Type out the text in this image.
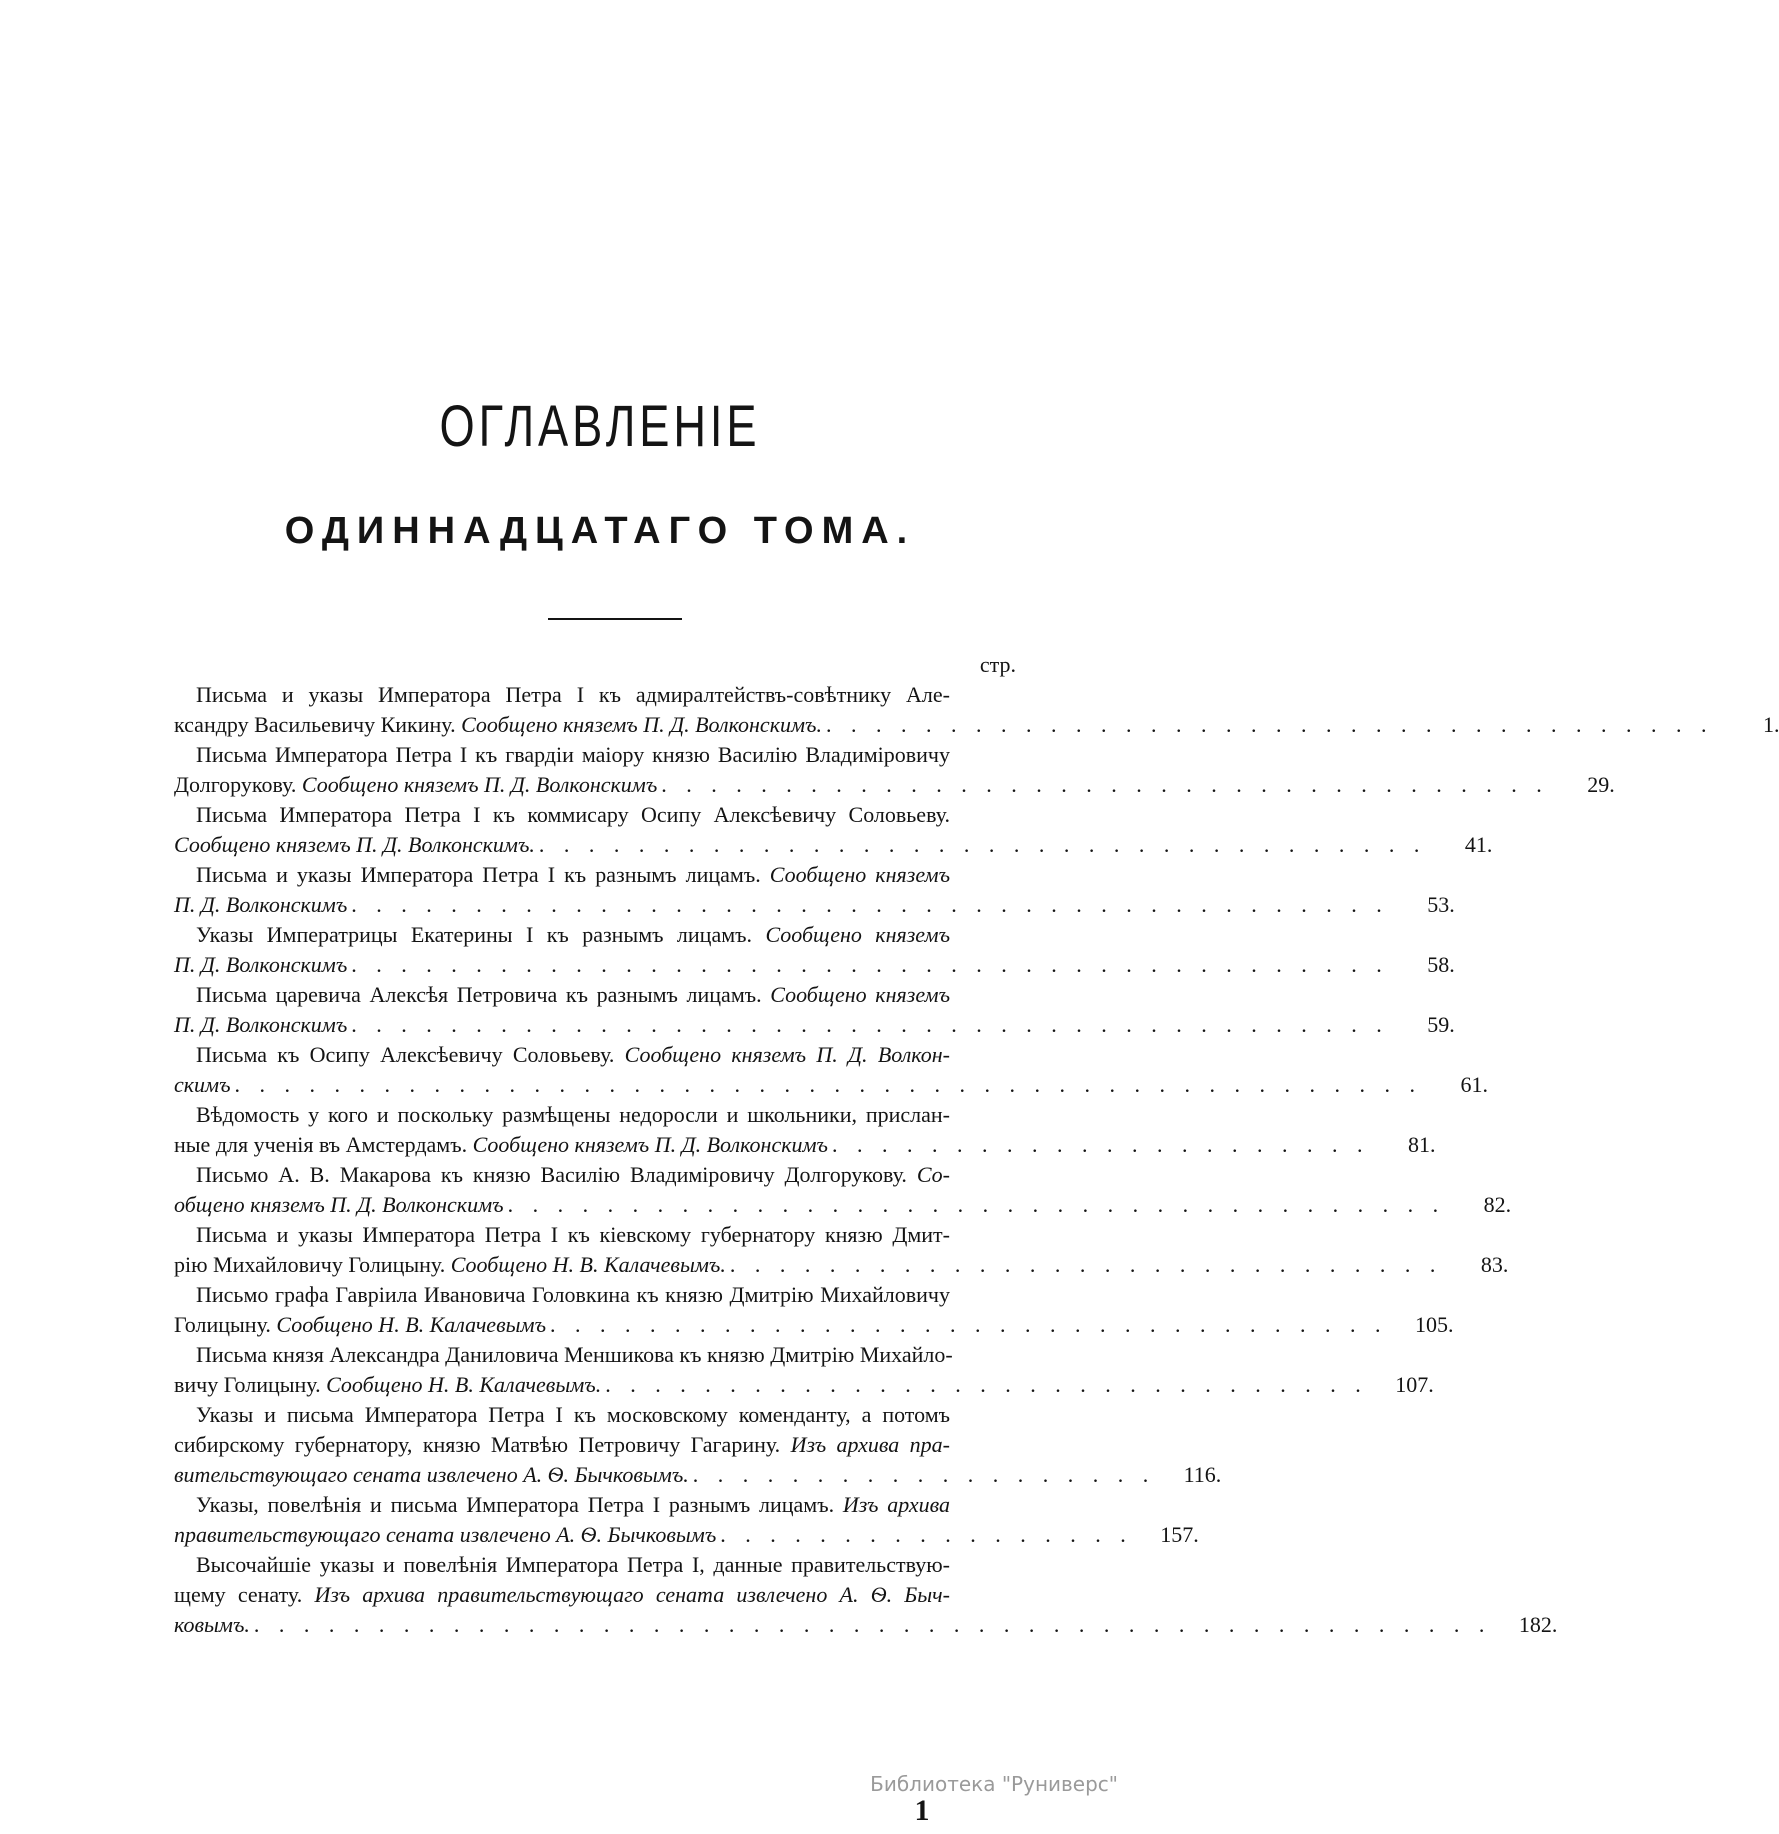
ОГЛАВЛЕНІЕ
ОДИННАДЦАТАГО ТОМА.
стр.
Письма и указы Императора Петра I къ адмиралтействъ-совѣтнику Але-
ксандру Васильевичу Кикину. Сообщено княземъ П. Д. Волконскимъ. . . . . . . . . . . . . . . . . . . . . . . . . . . . . . . . . . . . .	1.
Письма Императора Петра I къ гвардіи маіору князю Василію Владиміровичу
Долгорукову. Сообщено княземъ П. Д. Волконскимъ . . . . . . . . . . . . . . . . . . . . . . . . . . . . . . . . . . . .	29.
Письма Императора Петра I къ коммисару Осипу Алексѣевичу Соловьеву.
Сообщено княземъ П. Д. Волконскимъ. . . . . . . . . . . . . . . . . . . . . . . . . . . . . . . . . . . . .	41.
Письма и указы Императора Петра I къ разнымъ лицамъ. Сообщено княземъ
П. Д. Волконскимъ . . . . . . . . . . . . . . . . . . . . . . . . . . . . . . . . . . . . . . . . . .	53.
Указы Императрицы Екатерины I къ разнымъ лицамъ. Сообщено княземъ
П. Д. Волконскимъ . . . . . . . . . . . . . . . . . . . . . . . . . . . . . . . . . . . . . . . . . .	58.
Письма царевича Алексѣя Петровича къ разнымъ лицамъ. Сообщено княземъ
П. Д. Волконскимъ . . . . . . . . . . . . . . . . . . . . . . . . . . . . . . . . . . . . . . . . . .	59.
Письма къ Осипу Алексѣевичу Соловьеву. Сообщено княземъ П. Д. Волкон-
скимъ . . . . . . . . . . . . . . . . . . . . . . . . . . . . . . . . . . . . . . . . . . . . . . . .	61.
Вѣдомость у кого и поскольку размѣщены недоросли и школьники, прислан-
ные для ученія въ Амстердамъ. Сообщено княземъ П. Д. Волконскимъ . . . . . . . . . . . . . . . . . . . . . .	81.
Письмо А. В. Макарова къ князю Василію Владиміровичу Долгорукову. Со-
общено княземъ П. Д. Волконскимъ . . . . . . . . . . . . . . . . . . . . . . . . . . . . . . . . . . . . . .	82.
Письма и указы Императора Петра I къ кіевскому губернатору князю Дмит-
рію Михайловичу Голицыну. Сообщено Н. В. Калачевымъ. . . . . . . . . . . . . . . . . . . . . . . . . . . . . .	83.
Письмо графа Гавріила Ивановича Головкина къ князю Дмитрію Михайловичу
Голицыну. Сообщено Н. В. Калачевымъ . . . . . . . . . . . . . . . . . . . . . . . . . . . . . . . . . .	105.
Письма князя Александра Даниловича Меншикова къ князю Дмитрію Михайло-
вичу Голицыну. Сообщено Н. В. Калачевымъ. . . . . . . . . . . . . . . . . . . . . . . . . . . . . . . .	107.
Указы и письма Императора Петра I къ московскому коменданту, а потомъ
сибирскому губернатору, князю Матвѣю Петровичу Гагарину. Изъ архива пра-
вительствующаго сената извлечено А. Ѳ. Бычковымъ. . . . . . . . . . . . . . . . . . . .	116.
Указы, повелѣнія и письма Императора Петра I разнымъ лицамъ. Изъ архива
правительствующаго сената извлечено А. Ѳ. Бычковымъ . . . . . . . . . . . . . . . . .	157.
Высочайшіе указы и повелѣнія Императора Петра I, данные правительствую-
щему сенату. Изъ архива правительствующаго сената извлечено А. Ѳ. Быч-
ковымъ. . . . . . . . . . . . . . . . . . . . . . . . . . . . . . . . . . . . . . . . . . . . . . . . . . .	182.
1
Библиотека "Руниверс"
